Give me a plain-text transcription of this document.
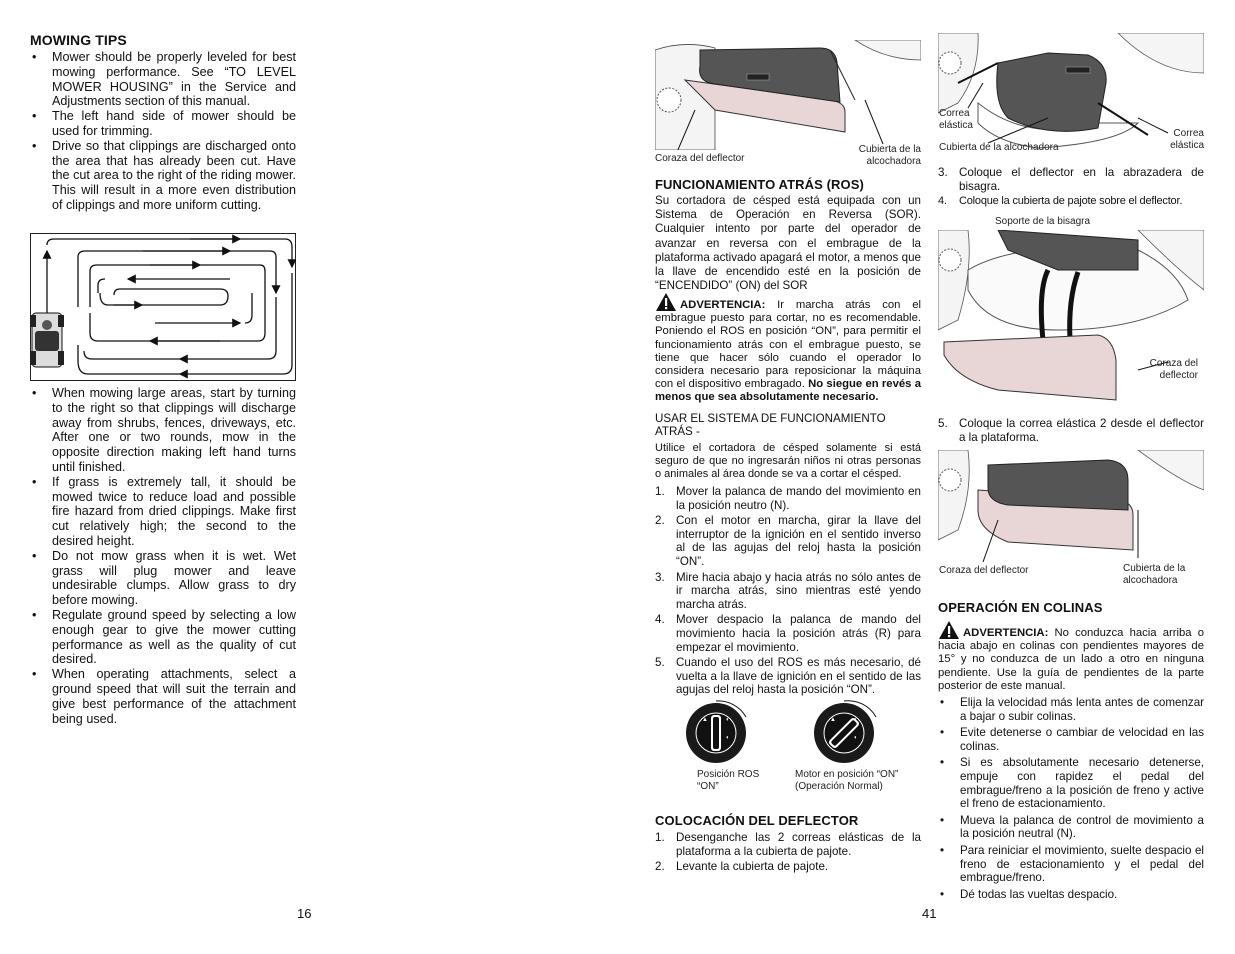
MOWING TIPS
• Mower should be properly leveled for best mowing performance. See “TO LEVEL MOWER HOUSING” in the Service and Adjustments section of this manual.
• The left hand side of mower should be used for trimming.
• Drive so that clippings are discharged onto the area that has already been cut. Have the cut area to the right of the riding mower. This will result in a more even distribution of clippings and more uniform cutting.
• When mowing large areas, start by turning to the right so that clippings will discharge away from shrubs, fences, driveways, etc. After one or two rounds, mow in the opposite direction making left hand turns until finished.
• If grass is extremely tall, it should be mowed twice to reduce load and possible fire hazard from dried clippings. Make first cut relatively high; the second to the desired height.
• Do not mow grass when it is wet. Wet grass will plug mower and leave undesirable clumps. Allow grass to dry before mowing.
• Regulate ground speed by selecting a low enough gear to give the mower cutting performance as well as the quality of cut desired.
• When operating attachments, select a ground speed that will suit the terrain and give best performance of the attachment being used.
16
Coraza del deflector
Cubierta de la alcochadora
FUNCIONAMIENTO ATRÁS (ROS)
Su cortadora de césped está equipada con un Sistema de Operación en Reversa (SOR). Cualquier intento por parte del operador de avanzar en reversa con el embrague de la plataforma activado apagará el motor, a menos que la llave de encendido esté en la posición de “ENCENDIDO” (ON) del SOR
ADVERTENCIA: Ir marcha atrás con el embrague puesto para cortar, no es recomendable. Poniendo el ROS en posición “ON”, para permitir el funcionamiento atrás con el embrague puesto, se tiene que hacer sólo cuando el operador lo considera necesario para reposicionar la máquina con el dispositivo embragado. No siegue en revés a menos que sea absolutamente necesario.
USAR EL SISTEMA DE FUNCIONAMIENTO ATRÁS -
Utilice el cortadora de césped solamente si está seguro de que no ingresarán niños ni otras personas o animales al área donde se va a cortar el césped.
1. Mover la palanca de mando del movimiento en la posición neutro (N).
2. Con el motor en marcha, girar la llave del interruptor de la ignición en el sentido inverso al de las agujas del reloj hasta la posición “ON”.
3. Mire hacia abajo y hacia atrás no sólo antes de ir marcha atrás, sino mientras esté yendo marcha atrás.
4. Mover despacio la palanca de mando del movimiento hacia la posición atrás (R) para empezar el movimiento.
5. Cuando el uso del ROS es más necesario, dé vuelta a la llave de ignición en el sentido de las agujas del reloj hasta la posición “ON”.
▲	◐
◐
▲	◐
◐
Posición ROS “ON”
Motor en posición “ON” (Operación Normal)
COLOCACIÓN DEL DEFLECTOR
1. Desenganche las 2 correas elásticas de la plataforma a la cubierta de pajote.
2. Levante la cubierta de pajote.
41
Correa elástica
Correa elástica
Cubierta de la alcochadora
3. Coloque el deflector en la abrazadera de bisagra.
4. Coloque la cubierta de pajote sobre el deflector.
Soporte de la bisagra
Coraza del deflector
5. Coloque la correa elástica 2 desde el deflector a la plataforma.
Coraza del deflector	Cubierta de la alcochadora
OPERACIÓN EN COLINAS
ADVERTENCIA: No conduzca hacia arriba o hacia abajo en colinas con pendientes mayores de 15° y no conduzca de un lado a otro en ninguna pendiente. Use la guía de pendientes de la parte posterior de este manual.
• Elija la velocidad más lenta antes de comenzar a bajar o subir colinas.
• Evite detenerse o cambiar de velocidad en las colinas.
• Si es absolutamente necesario detenerse, empuje con rapidez el pedal del embrague/freno a la posición de freno y active el freno de estacionamiento.
• Mueva la palanca de control de movimiento a la posición neutral (N).
• Para reiniciar el movimiento, suelte despacio el freno de estacionamiento y el pedal del embrague/freno.
• Dé todas las vueltas despacio.
